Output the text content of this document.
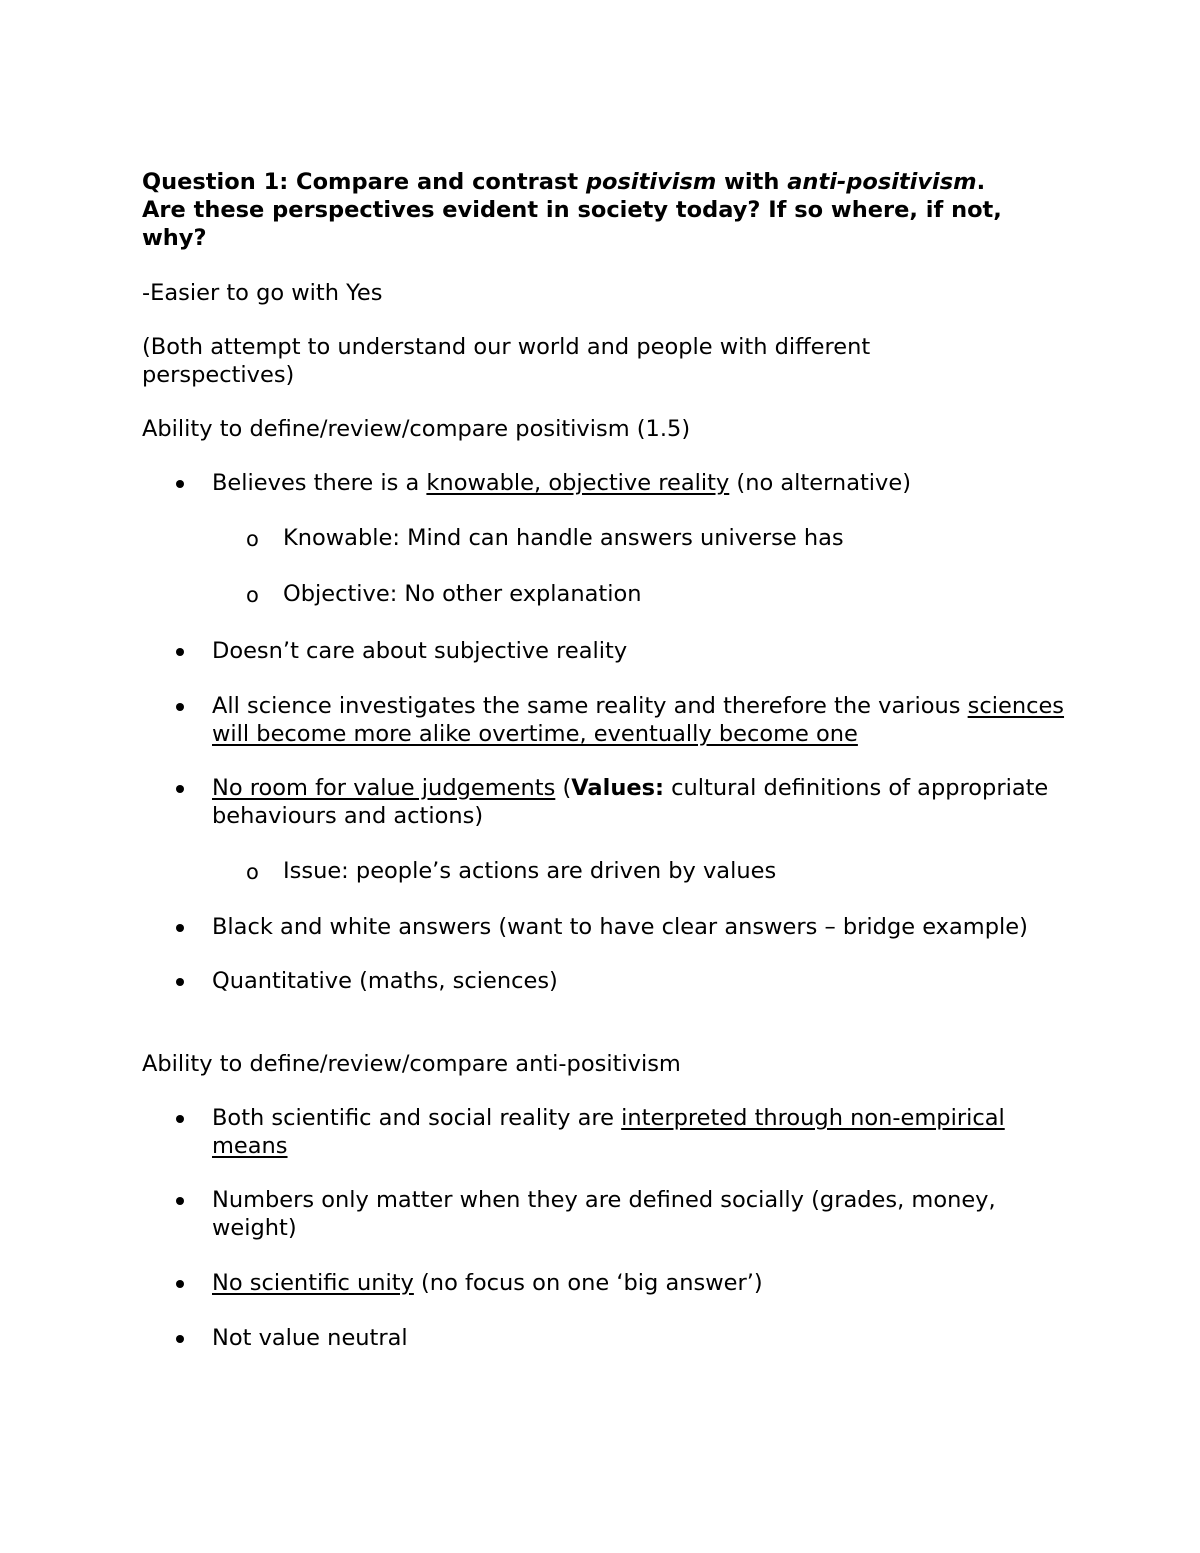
Question 1: Compare and contrast positivism with anti-positivism.
Are these perspectives evident in society today? If so where, if not,
why?

-Easier to go with Yes

(Both attempt to understand our world and people with different perspectives)

Ability to define/review/compare positivism (1.5)

Believes there is a knowable, objective reality (no alternative)
o Knowable: Mind can handle answers universe has
o Objective: No other explanation
Doesn’t care about subjective reality
All science investigates the same reality and therefore the various sciences will become more alike overtime, eventually become one
No room for value judgements (Values: cultural definitions of appropriate behaviours and actions)
o Issue: people’s actions are driven by values
Black and white answers (want to have clear answers – bridge example)
Quantitative (maths, sciences)

Ability to define/review/compare anti-positivism

Both scientific and social reality are interpreted through non-empirical means
Numbers only matter when they are defined socially (grades, money, weight)
No scientific unity (no focus on one ‘big answer’)
Not value neutral
